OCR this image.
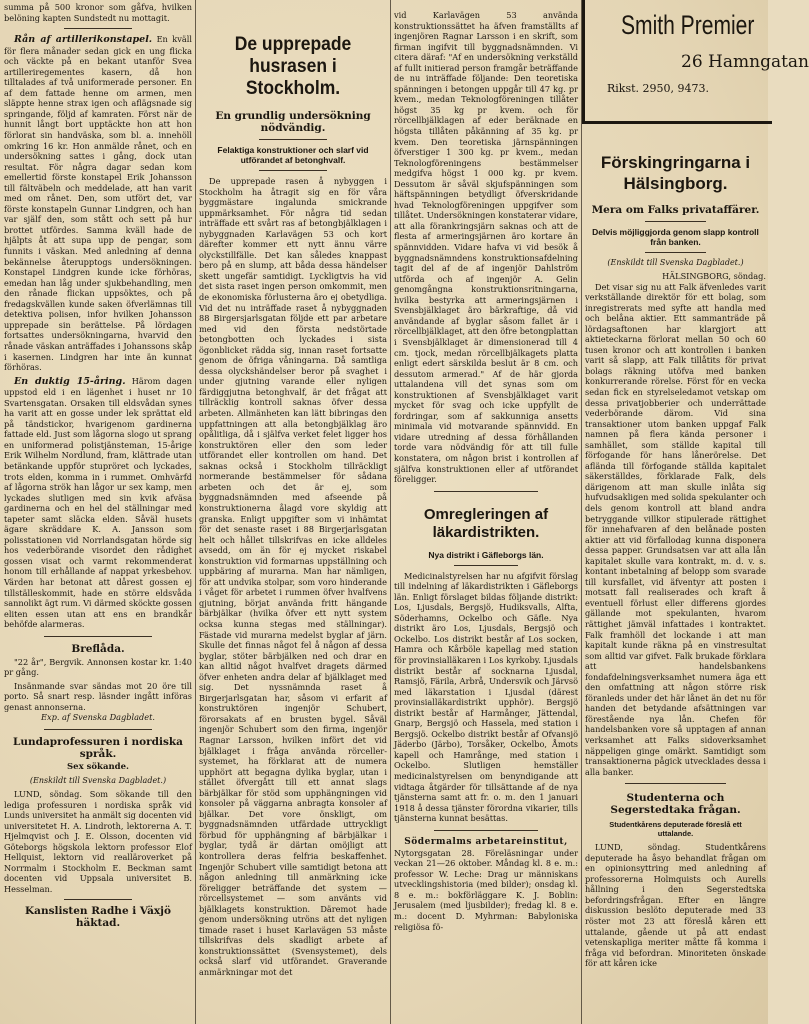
summa på 500 kronor som gåfva, hvilken belöning kapten Sundstedt nu mottagit.

Rån af artillerikonstapel. En kväll för flera månader sedan gick en ung flicka och väckte på en bekant utanför Svea artilleriregementes kasern, då hon tilltalades af två uniformerade personer. En af dem fattade henne om armen, men släppte henne strax igen och aflägsnade sig springande, följd af kamraten. Först när de hunnit långt bort upptäckte hon att hon förlorat sin handväska, som bl. a. innehöll omkring 16 kr. Hon anmälde rånet, och en undersökning sattes i gång, dock utan resultat. För några dagar sedan kom emellertid förste konstapel Erik Johansson till fältväbeln och meddelade, att han varit med om rånet. Den, som utfört det, var förste konstapeln Gunnar Lindgren, och han var själf den, som stått och sett på hur brottet utfördes. Samma kväll hade de hjälpts åt att supa upp de pengar, som funnits i väskan. Med anledning af denna bekännelse återupptogs undersökningen. Konstapel Lindgren kunde icke förhöras, emedan han låg under sjukbehandling, men den rånade flickan uppsöktes, och på fredagskvällen kunde saken öfverlämnas till detektiva polisen, infor hvilken Johansson upprepade sin berättelse. På lördagen fortsattes undersökningarna, hvarvid den rånade väskan anträffades i Johanssons skåp i kasernen. Lindgren har inte än kunnat förhöras.

En duktig 15-åring. Härom dagen uppstod eld i en lägenhet i huset nr 10 Svartensgatan. Orsaken till eldsvådan synes ha varit att en gosse under lek sprättat eld på tändstickor, hvarigenom gardinerna fattade eld. Just som lågorna slogo ut sprang en uniformerad polistjänsteman, 15-årige Erik Wilhelm Nordlund, fram, klättrade utan betänkande uppför stupröret och lyckades, trots elden, komma in i rummet. Omhvärfd af lågorna strök han lågor ur sex kamp, men lyckades slutligen med sin kvik afväsa gardinerna och en hel del ställningar med tapeter samt släcka elden. Såväl husets ägare skräddare K. A. Jansson som polisstationen vid Norrlandsgatan hörde sig hos vederbörande visordet den rådighet gossen visat och varmt rekommenderat honom till erhållande af nappat yrkesbehov. Värden har betonat att dårest gossen ej tillställeskommit, hade en större eldsvåda sannolikt ägt rum. Vi därmed sköckte gossen eliten essen utan att ens en brandkår behöfde alarmeras.

Breflåda.

"22 år", Bergvik. Annonsen kostar kr. 1:40 pr gång.

Insänmande svar sändas mot 20 öre till porto. Så snart resp. läsnder ingått införas genast annonserna.

Exp. af Svenska Dagbladet.
Lundaprofessuren i nordiska språk.
Sex sökande.
(Enskildt till Svenska Dagbladet.)

LUND, söndag. Som sökande till den ledigа professuren i nordiska språk vid Lunds universitet ha anmält sig docenten vid universitetet H. A. Lindroth, lektorerna A. T. Hjelmqvist och J. E. Olsson, docenten vid Göteborgs högskola lektorn professor Elof Hellquist, lektorn vid realläroverket på Norrmalm i Stockholm E. Beckman samt docenten vid Uppsala universitet B. Hesselman.

Kanslisten Radhe i Växjö häktad.
De upprepade husrasen i Stockholm.
En grundlig undersökning nödvändig.
Felaktiga konstruktioner och slarf vid utförandet af betonghvalf.

De upprepade rasen å nybyggen i Stockholm ha åtragit sig en för våra byggmästare ingalunda smickrande uppmärksamhet. För några tid sedan inträffade ett svårt ras af betongbjälklagen i nybyggnaden Karlavägen 53 och kort därefter kommer ett nytt ännu värre olyckstillfälle. Det kan således knappast bero på en slump, att båda dessa händelser skett ungefär samtidigt. Lyckligtvis ha vid det sista raset ingen person omkommit, men de ekonomiska förlusterna äro ej obetydliga. Vid det nu inträffade raset å nybyggnaden 88 Birgersjarlsgatan följde ett par arbetare med vid den första nedstörtade betongbotten och lyckades i sista ögonblicket rädda sig, innan raset fortsatte genom de öfriga våningarna. Då samtliga dessa olyckshändelser beror på svaghet i under gjutning varande eller nyligen färdiggjutna betonghvalf, är det frågat att tillräcklig kontroll saknas öfver dessa arbeten. Allmänheten kan lätt bibringas den uppfattningen att alla betongbjälklag äro opålitliga, då i själfva verket felet ligger hos konstruktören eller den som leder utförandet eller kontrollen om hand. Det saknas också i Stockholm tillräckligt normerande bestämmelser för sådana arbeten och det är ej, som byggnadsnämnden med afseende på konstruktionerna ålagd vore skyldig att granska. Enligt uppgifter som vi inhämtat för det senaste raset i 88 Birgerjarlsgatan helt och hållet tillskrifvas en icke alldeles avsedd, om än för ej mycket riskabel konstruktion vid formarnas uppställning och uppbäring af murarna. Man har nämligen, för att undvika stolpar, som voro hinderande i våget för arbetet i rummen öfver hvalfvens gjutning, börjat använda fritt hängande bärbjälkar (hvilka öfver ett nytt system ocksa kunna stegas med ställningar). Fästade vid murarna medelst byglar af järn. Skulle det finnas något fel å någon af dessa byglar, stöter bärbjälken ned och drar en kan alltid något hvalfvet dragets därmed öfver enheten andra delar af bjälklaget med sig. Det nyssnämnda raset å Birgerjarlsgatan har, såsom vi erfarit af konstruktören ingenjör Schubert, förorsakats af en brusten bygel. Såväl ingenjör Schubert som den firma, ingenjör Ragnar Larsson, hvilken infört det vid bjälklaget i fråga använda rörceller-systemet, ha förklarat att de numera upphört att begagna dylika byglar, utan i stället öfvergått till ett annat slags bärbjälkar för stöd som upphängningen vid konsoler på väggarna anbragta konsoler af bjälkar. Det vore önskligt, om byggnadsnämnden utfärdade uttryckligt förbud för upphängning af bärbjälkar i byglar, tydå är därtan omöjligt att kontrollera deras felfria beskaffenhet. Ingenjör Schubert ville samtidigt betona att någon anledning till anmärkning icke föreligger beträffande det system — rörcellsystemet — som använts vid bjälklagets konstruktion. Däremot hade genom undersökning utröns att det nyligen timade raset i huset Karlavägen 53 måste tillskrifvas dels skadligt arbete af konstruktionssättet (Svensystemet), dels också slarf vid utförandet. Graverande anmärkningar mot det

vid Karlavägen 53 använda konstruktionssättet ha äfven framställts af ingenjören Ragnar Larsson i en skrift, som firman ingifvit till byggnadsnämnden. Vi citera däraf: "Af en undersökning verkställd af fullt initierad person framgår beträffande de nu inträffade följande: Den teoretiska spänningen i betongen uppgår till 47 kg. pr kvem., medan Teknologföreningen tillåter högst 35 kg pr kvem. och för rörcellbjälklagen af eder beräknade en högsta tillåten påkänning af 35 kg. pr kvem. Den teoretiska järnspänningen öfverstiger 1 300 kg. pr kvem., medan Teknologföreningens bestämmelser medgifva högst 1 000 kg. pr kvem. Dessutom är såväl skjufspänningen som häftspänningen betydligt öfverskridande hvad Teknologföreningen uppgifver som tillåtet. Undersökningen konstaterar vidare, att alla förankringsjärn saknas och att de flesta af armeringsjärnen äro kortare än spännvidden. Vidare hafva vi vid besök å byggnadsnämndens konstruktionsafdelning tagit del af de af ingenjör Dahlström utförda och af ingenjör A. Gelin genomgångna konstruktionsritningarna, hvilka bestyrka att armeringsjärnen i Svensbjälklaget äro bärkraftige, då vid användande af byglar såsom fallet är i rörcellbjälklaget, att den öfre betongplattan i Svensbjälklaget är dimensionerad till 4 cm. tjock, medan rörcellbjälkagets platta enligt edert särskilda beslut är 8 cm. och dessutom armerad." Af de här gjorda uttalandena vill det synas som om konstruktionen af Svensbjälklaget varit mycket för svag och icke uppfyllt de fordringar, som af sakkunniga ansetts minimala vid motvarande spännvidd. En vidare utredning af dessa förhållanden torde vara nödvändig för att till fulle konstatera, om någon brist i kontrollen af själfva konstruktionen eller af utförandet föreligger.

Omregleringen af läkardistrikten.
Nya distrikt i Gäfleborgs län.

Medicinalstyrelsen har nu afgifvit förslag till indelning af läkardistrikten i Gäfleborgs län. Enligt förslaget bildas följande distrikt: Los, Ljusdals, Bergsjö, Hudiksvalls, Alfta, Söderhamns, Ockelbo och Gäfle. Nya distrikt äro Los, Ljusdals, Bergsjö och Ockelbo. Los distrikt består af Los socken, Hamra och Kårböle kapellag med station för provinsialläkaren i Los kyrkoby. Ljusdals distrikt består af socknarna Ljusdal, Ramsjö, Färila, Arbrå, Undersvik och Järvsö med läkarstation i Ljusdal (därest provinsialläkardistrikt upphör). Bergsjö distrikt består af Harmånger, Jättendal, Gnarp, Bergsjö och Hassela, med station i Bergsjö. Ockelbo distrikt består af Ofvansjö Jäderbo (Järbo), Torsåker, Ockelbo, Åmots kapell och Hamrånge, med station i Ockelbo. Slutligen hemställer medicinalstyrelsen om benyndigande att vidtaga åtgärder för tillsättande af de nya tjänsterna samt att fr. o. m. den 1 januari 1918 å dessa tjänster förordna vikarier, tills tjänsterna kunnat besättas.

Södermalms arbetareinstitut,

Nytorgsgatan 28. Föreläsningar under veckan 21—26 oktober. Måndag kl. 8 e. m.: professor W. Leche: Drag ur människans utvecklingshistoria (med bilder); onsdag kl. 8 e. m.: bokförläggare K. J. Boblin: Jerusalem (med ljusbilder); fredag kl. 8 e. m.: docent D. Myhrman: Babyloniska religiösa fö-

Smith Premier
26 Hamngatan
Rikst. 2950, 9473.
Förskingringarna i Hälsingborg.
Mera om Falks privataffärer.
Delvis möjliggjorda genom slapp kontroll från banken.
(Enskildt till Svenska Dagbladet.)
HÄLSINGBORG, söndag.

Det visar sig nu att Falk äfvenledes varit verkställande direktör för ett bolag, som inregistrerats med syfte att handla med och belåna aktier. Ett sammanträde på lördagsaftonen har klargjort att aktieteckarna förlorat mellan 50 och 60 tusen kronor och att kontrollen i banken varit så slapp, att Falk tillåtits för privat bolags räkning utöfva med banken konkurrerande rörelse. Först för en vecka sedan fick en styrelseledamot vetskap om dessa privatjobberier och underrättade vederbörande därom. Vid sina transaktioner utom banken uppgaf Falk namnen på flera kända personer i samhället, som ställde kapital till förfogande för hans lånerörelse. Det aflända till förfogande ställda kapitalet säkerställdes, förklarade Falk, dels därigenom att man skulle inlåta sig hufvudsakligen med solida spekulanter och dels genom kontroll att bland andra betryggande villkor stipulerade rättighet för innehafvaren af den belånade posten aktier att vid förfallodag kunna disponera dessa papper. Grundsatsen var att alla lån kapitalet skulle vara kontrakt, m. d. v. s. kontant inbetalning af belopp som svarade till kursfallet, vid äfventyr att posten i motsatt fall realiserades och kraft å eventuell förlust eller differens gjordes gällande mot spekulanten, hvarom rättighet jämväl infattades i kontraktet. Falk framhöll det lockande i att man kapitalt kunde räkna på en vinstresultat som alltid var gifvet. Falk brukade förklara att handelsbankens fondafdelningsverksamhet numera äga ett den omfattning att någon större risk föranleds under det här lånet än det nu för handen det betydande afsättningen var förestående nya lån. Chefen för handelsbanken vore så upptagen af annan verksamhet att Falks sidoverksamhet näppeligen ginge omärkt. Samtidigt som transaktionerna pågick utvecklades dessa i alla banker.

Studenterna och Segerstedtaka frågan.
Studentkårens deputerade föreslå ett uttalande.

LUND, söndag. Studentkårens deputerade ha åsyo behandlat frågan om en opinionsyttring med anledning af professorerna Holmquists och Aurells hållning i den Segerstedtska befordringsfrågan. Efter en längre diskussion beslöto deputerade med 33 röster mot 23 att föreslå kåren ett uttalande, gående ut på att endast vetenskapliga meriter måtte få komma i fråga vid befordran. Minoriteten önskade för att kåren icke
